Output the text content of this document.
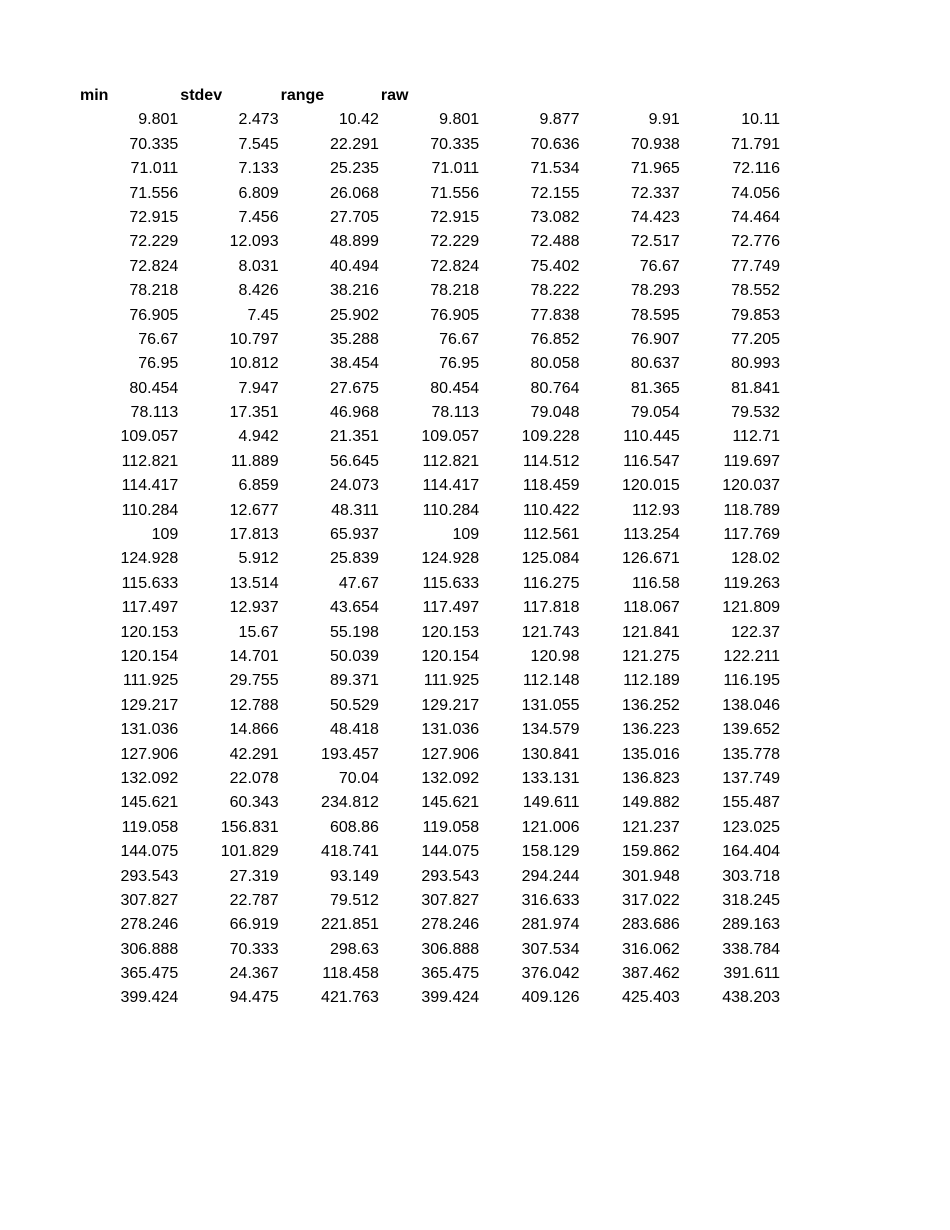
min	stdev	range	raw
9.801	2.473	10.42	9.801	9.877	9.91	10.11
70.335	7.545	22.291	70.335	70.636	70.938	71.791
71.011	7.133	25.235	71.011	71.534	71.965	72.116
71.556	6.809	26.068	71.556	72.155	72.337	74.056
72.915	7.456	27.705	72.915	73.082	74.423	74.464
72.229	12.093	48.899	72.229	72.488	72.517	72.776
72.824	8.031	40.494	72.824	75.402	76.67	77.749
78.218	8.426	38.216	78.218	78.222	78.293	78.552
76.905	7.45	25.902	76.905	77.838	78.595	79.853
76.67	10.797	35.288	76.67	76.852	76.907	77.205
76.95	10.812	38.454	76.95	80.058	80.637	80.993
80.454	7.947	27.675	80.454	80.764	81.365	81.841
78.113	17.351	46.968	78.113	79.048	79.054	79.532
109.057	4.942	21.351	109.057	109.228	110.445	112.71
112.821	11.889	56.645	112.821	114.512	116.547	119.697
114.417	6.859	24.073	114.417	118.459	120.015	120.037
110.284	12.677	48.311	110.284	110.422	112.93	118.789
109	17.813	65.937	109	112.561	113.254	117.769
124.928	5.912	25.839	124.928	125.084	126.671	128.02
115.633	13.514	47.67	115.633	116.275	116.58	119.263
117.497	12.937	43.654	117.497	117.818	118.067	121.809
120.153	15.67	55.198	120.153	121.743	121.841	122.37
120.154	14.701	50.039	120.154	120.98	121.275	122.211
111.925	29.755	89.371	111.925	112.148	112.189	116.195
129.217	12.788	50.529	129.217	131.055	136.252	138.046
131.036	14.866	48.418	131.036	134.579	136.223	139.652
127.906	42.291	193.457	127.906	130.841	135.016	135.778
132.092	22.078	70.04	132.092	133.131	136.823	137.749
145.621	60.343	234.812	145.621	149.611	149.882	155.487
119.058	156.831	608.86	119.058	121.006	121.237	123.025
144.075	101.829	418.741	144.075	158.129	159.862	164.404
293.543	27.319	93.149	293.543	294.244	301.948	303.718
307.827	22.787	79.512	307.827	316.633	317.022	318.245
278.246	66.919	221.851	278.246	281.974	283.686	289.163
306.888	70.333	298.63	306.888	307.534	316.062	338.784
365.475	24.367	118.458	365.475	376.042	387.462	391.611
399.424	94.475	421.763	399.424	409.126	425.403	438.203
